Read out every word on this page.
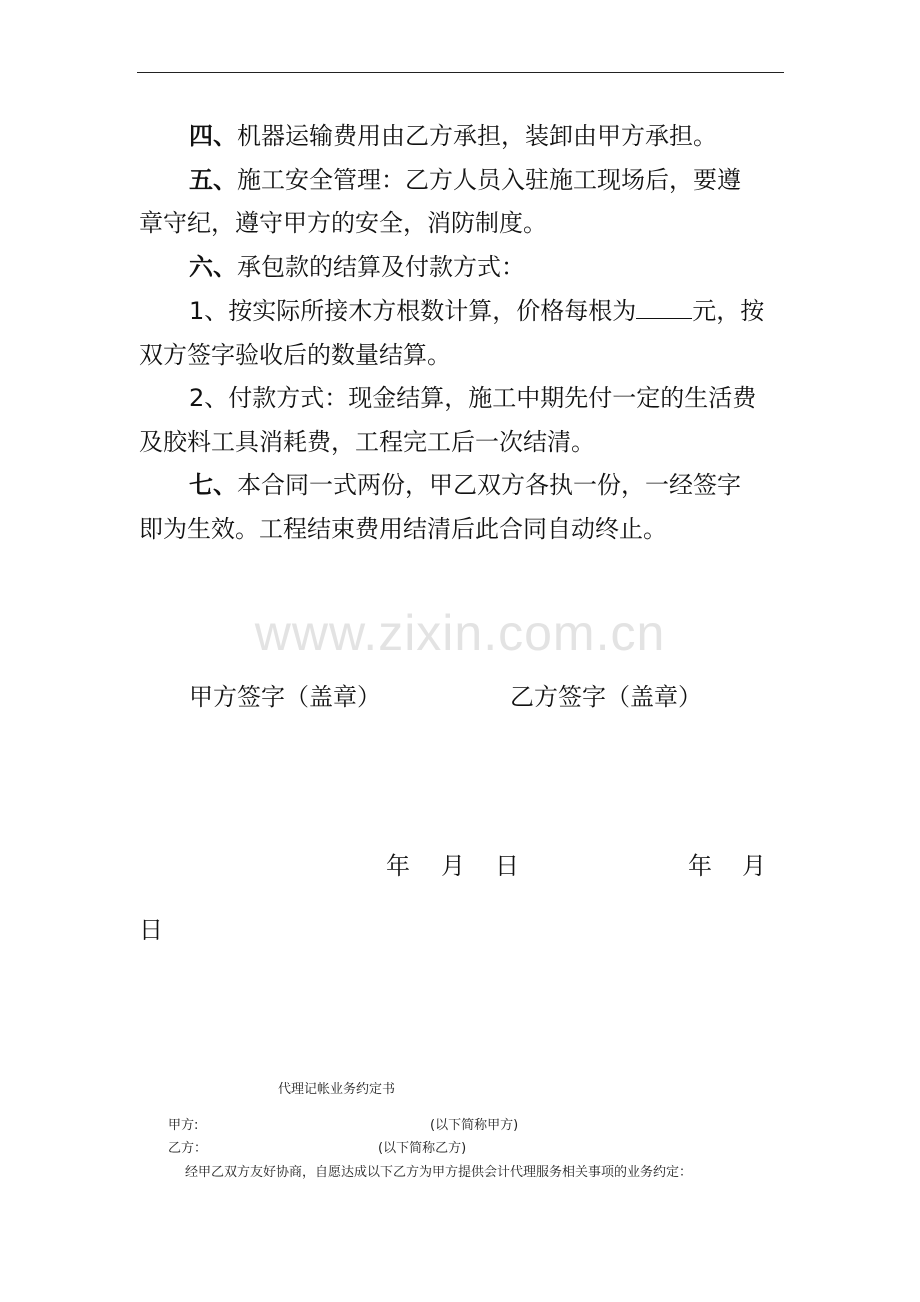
四、机器运输费用由乙方承担，装卸由甲方承担。
五、施工安全管理：乙方人员入驻施工现场后，要遵
章守纪，遵守甲方的安全，消防制度。
六、承包款的结算及付款方式：
1、按实际所接木方根数计算，价格每根为 元，按
双方签字验收后的数量结算。
2、付款方式：现金结算，施工中期先付一定的生活费
及胶料工具消耗费，工程完工后一次结清。
七、本合同一式两份，甲乙双方各执一份，一经签字
即为生效。工程结束费用结清后此合同自动终止。
www.zixin.com.cn
甲方签字（盖章）	乙方签字（盖章）
年 月 日	年 月
日
代理记帐业务约定书
甲方:	(以下简称甲方)
乙方：	(以下简称乙方)
经甲乙双方友好协商，自愿达成以下乙方为甲方提供会计代理服务相关事项的业务约定：
